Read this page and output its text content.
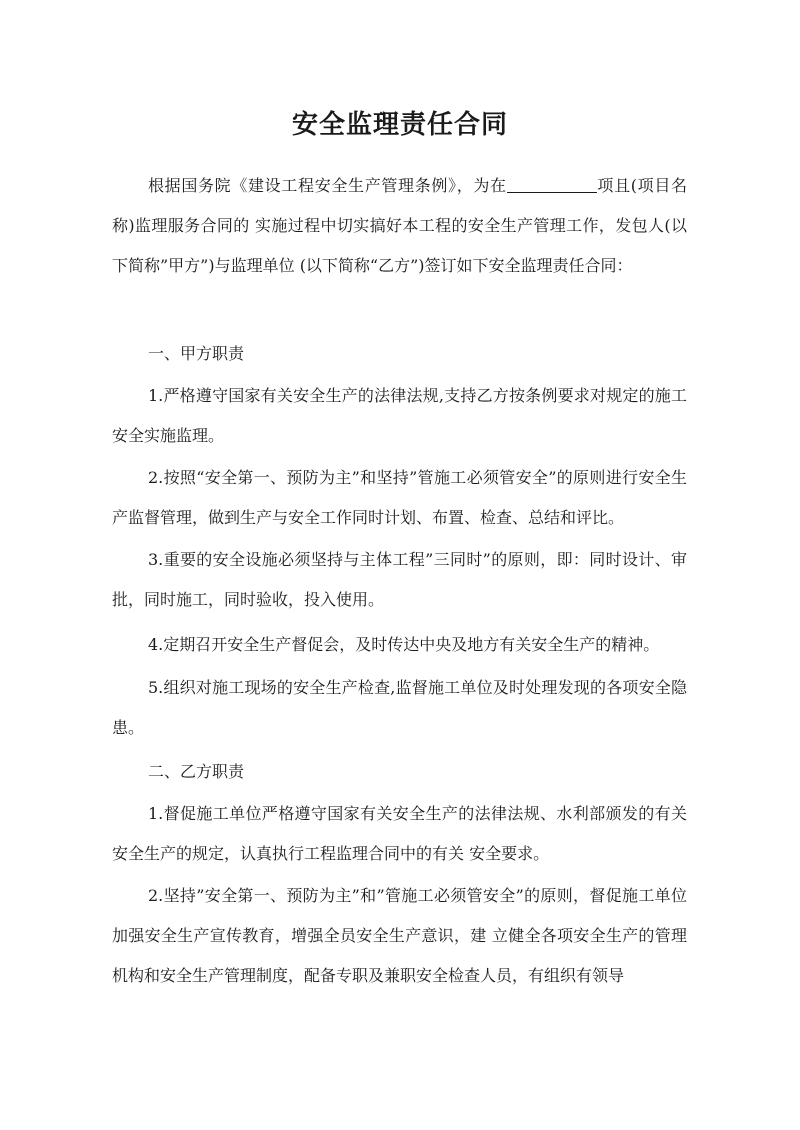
安全监理责任合同

根据国务院《建设工程安全生产管理条例》，为在	项且(项目名称)监理服务合同的 实施过程中切实搞好本工程的安全生产管理工作，发包人(以下简称”甲方”)与监理单位 (以下简称“乙方”)签订如下安全监理责任合同：

一、甲方职责

1.严格遵守国家有关安全生产的法律法规,支持乙方按条例要求对规定的施工安全实施监理。

2.按照“安全第一、预防为主”和坚持”管施工必须管安全”的原则进行安全生产监督管理，做到生产与安全工作同时计划、布置、检查、总结和评比。

3.重要的安全设施必须坚持与主体工程”三同时”的原则，即：同时设计、审批，同时施工，同时验收，投入使用。

4.定期召开安全生产督促会，及时传达中央及地方有关安全生产的精神。

5.组织对施工现场的安全生产检查,监督施工单位及时处理发现的各项安全隐患。

二、乙方职责

1.督促施工单位严格遵守国家有关安全生产的法律法规、水利部颁发的有关安全生产的规定，认真执行工程监理合同中的有关 安全要求。

2.坚持”安全第一、预防为主”和”管施工必须管安全”的原则，督促施工单位加强安全生产宣传教育，增强全员安全生产意识，建 立健全各项安全生产的管理机构和安全生产管理制度，配备专职及兼职安全检查人员，有组织有领导
